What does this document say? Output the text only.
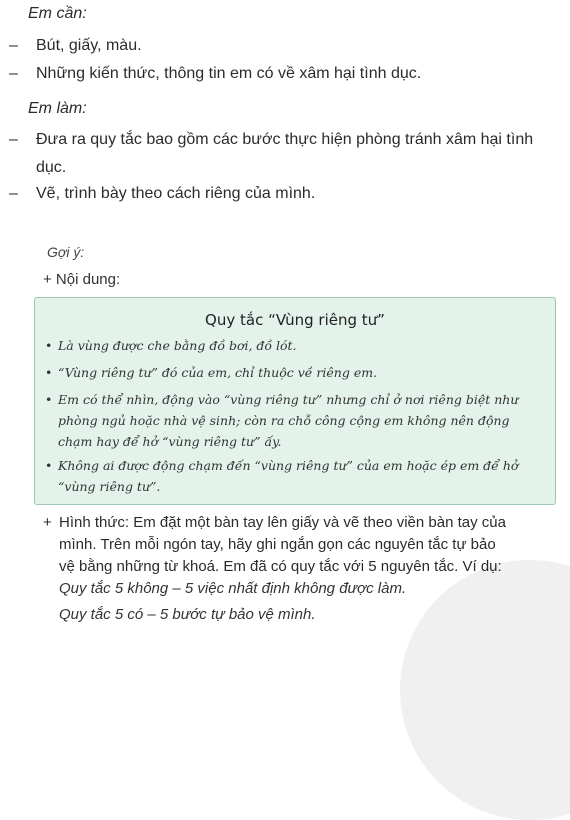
Em cần:
–	Bút, giấy, màu.
–	Những kiến thức, thông tin em có về xâm hại tình dục.
Em làm:
–	Đưa ra quy tắc bao gồm các bước thực hiện phòng tránh xâm hại tình dục.
–	Vẽ, trình bày theo cách riêng của mình.
Gợi ý:
+ Nội dung:
Quy tắc “Vùng riêng tư”
• Là vùng được che bằng đồ bơi, đồ lót.
• “Vùng riêng tư” đó của em, chỉ thuộc về riêng em.
• Em có thể nhìn, động vào “vùng riêng tư” nhưng chỉ ở nơi riêng biệt như phòng ngủ hoặc nhà vệ sinh; còn ra chỗ công cộng em không nên động chạm hay để hở “vùng riêng tư” ấy.
• Không ai được động chạm đến “vùng riêng tư” của em hoặc ép em để hở “vùng riêng tư”.
+ Hình thức: Em đặt một bàn tay lên giấy và vẽ theo viền bàn tay của mình. Trên mỗi ngón tay, hãy ghi ngắn gọn các nguyên tắc tự bảo vệ bằng những từ khoá. Em đã có quy tắc với 5 nguyên tắc. Ví dụ:
Quy tắc 5 không – 5 việc nhất định không được làm.
Quy tắc 5 có – 5 bước tự bảo vệ mình.
